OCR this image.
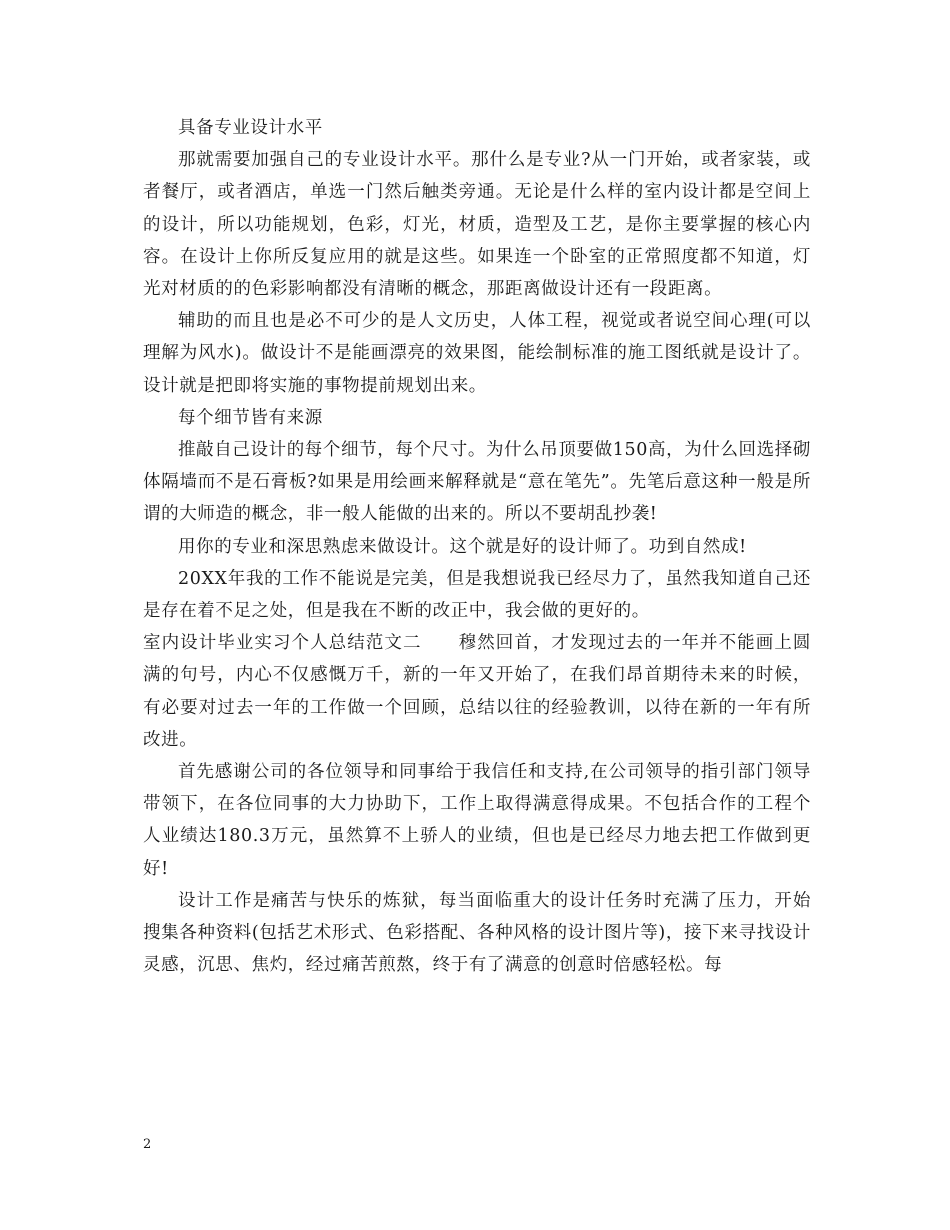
具备专业设计水平

那就需要加强自己的专业设计水平。那什么是专业?从一门开始，或者家装，或者餐厅，或者酒店，单选一门然后触类旁通。无论是什么样的室内设计都是空间上的设计，所以功能规划，色彩，灯光，材质，造型及工艺，是你主要掌握的核心内容。在设计上你所反复应用的就是这些。如果连一个卧室的正常照度都不知道，灯光对材质的的色彩影响都没有清晰的概念，那距离做设计还有一段距离。

辅助的而且也是必不可少的是人文历史，人体工程，视觉或者说空间心理(可以理解为风水)。做设计不是能画漂亮的效果图，能绘制标准的施工图纸就是设计了。设计就是把即将实施的事物提前规划出来。

每个细节皆有来源

推敲自己设计的每个细节，每个尺寸。为什么吊顶要做150高，为什么回选择砌体隔墙而不是石膏板?如果是用绘画来解释就是“意在笔先”。先笔后意这种一般是所谓的大师造的概念，非一般人能做的出来的。所以不要胡乱抄袭!

用你的专业和深思熟虑来做设计。这个就是好的设计师了。功到自然成!

20XX年我的工作不能说是完美，但是我想说我已经尽力了，虽然我知道自己还是存在着不足之处，但是我在不断的改正中，我会做的更好的。

室内设计毕业实习个人总结范文二　　穆然回首，才发现过去的一年并不能画上圆满的句号，内心不仅感慨万千，新的一年又开始了，在我们昂首期待未来的时候，有必要对过去一年的工作做一个回顾，总结以往的经验教训，以待在新的一年有所改进。

首先感谢公司的各位领导和同事给于我信任和支持,在公司领导的指引部门领导带领下，在各位同事的大力协助下，工作上取得满意得成果。不包括合作的工程个人业绩达180.3万元，虽然算不上骄人的业绩，但也是已经尽力地去把工作做到更好!

设计工作是痛苦与快乐的炼狱，每当面临重大的设计任务时充满了压力，开始搜集各种资料(包括艺术形式、色彩搭配、各种风格的设计图片等)，接下来寻找设计灵感，沉思、焦灼，经过痛苦煎熬，终于有了满意的创意时倍感轻松。每

2
